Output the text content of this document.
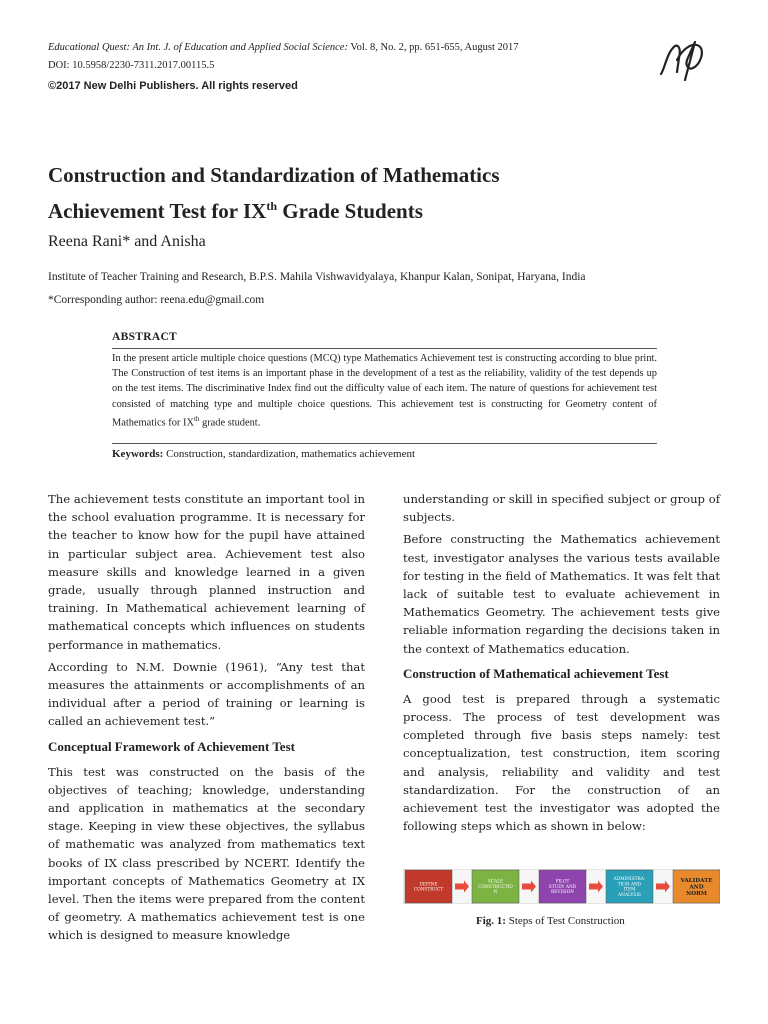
Educational Quest: An Int. J. of Education and Applied Social Science: Vol. 8, No. 2, pp. 651-655, August 2017
DOI: 10.5958/2230-7311.2017.00115.5
©2017 New Delhi Publishers. All rights reserved
Construction and Standardization of Mathematics
Achievement Test for IXth Grade Students
Reena Rani* and Anisha
Institute of Teacher Training and Research, B.P.S. Mahila Vishwavidyalaya, Khanpur Kalan, Sonipat, Haryana, India
*Corresponding author: reena.edu@gmail.com
ABSTRACT
In the present article multiple choice questions (MCQ) type Mathematics Achievement test is constructing according to blue print. The Construction of test items is an important phase in the development of a test as the reliability, validity of the test depends up on the test items. The discriminative Index find out the difficulty value of each item. The nature of questions for achievement test consisted of matching type and multiple choice questions. This achievement test is constructing for Geometry content of Mathematics for IXth grade student.
Keywords: Construction, standardization, mathematics achievement

The achievement tests constitute an important tool in the school evaluation programme. It is necessary for the teacher to know how for the pupil have attained in particular subject area. Achievement test also measure skills and knowledge learned in a given grade, usually through planned instruction and training. In Mathematical achievement learning of mathematical concepts which influences on students performance in mathematics.

According to N.M. Downie (1961), “Any test that measures the attainments or accomplishments of an individual after a period of training or learning is called an achievement test.”

Conceptual Framework of Achievement Test

This test was constructed on the basis of the objectives of teaching; knowledge, understanding and application in mathematics at the secondary stage. Keeping in view these objectives, the syllabus of mathematic was analyzed from mathematics text books of IX class prescribed by NCERT. Identify the important concepts of Mathematics Geometry at IX level. Then the items were prepared from the content of geometry. A mathematics achievement test is one which is designed to measure knowledge

understanding or skill in specified subject or group of subjects.

Before constructing the Mathematics achievement test, investigator analyses the various tests available for testing in the field of Mathematics. It was felt that lack of suitable test to evaluate achievement in Mathematics Geometry. The achievement tests give reliable information regarding the decisions taken in the context of Mathematics education.

Construction of Mathematical achievement Test

A good test is prepared through a systematic process. The process of test development was completed through five basis steps namely: test conceptualization, test construction, item scoring and analysis, reliability and validity and test standardization. For the construction of an achievement test the investigator was adopted the following steps which as shown in below:

DEFINE
CONSTRUCT
SCALE
CONSTRUCTIO
N
PILOT
STUDY AND
REVISION
ADMINISTRA-
TION AND
ITEM
ANALYSIS
VALIDATE
AND
NORM
Fig. 1: Steps of Test Construction
